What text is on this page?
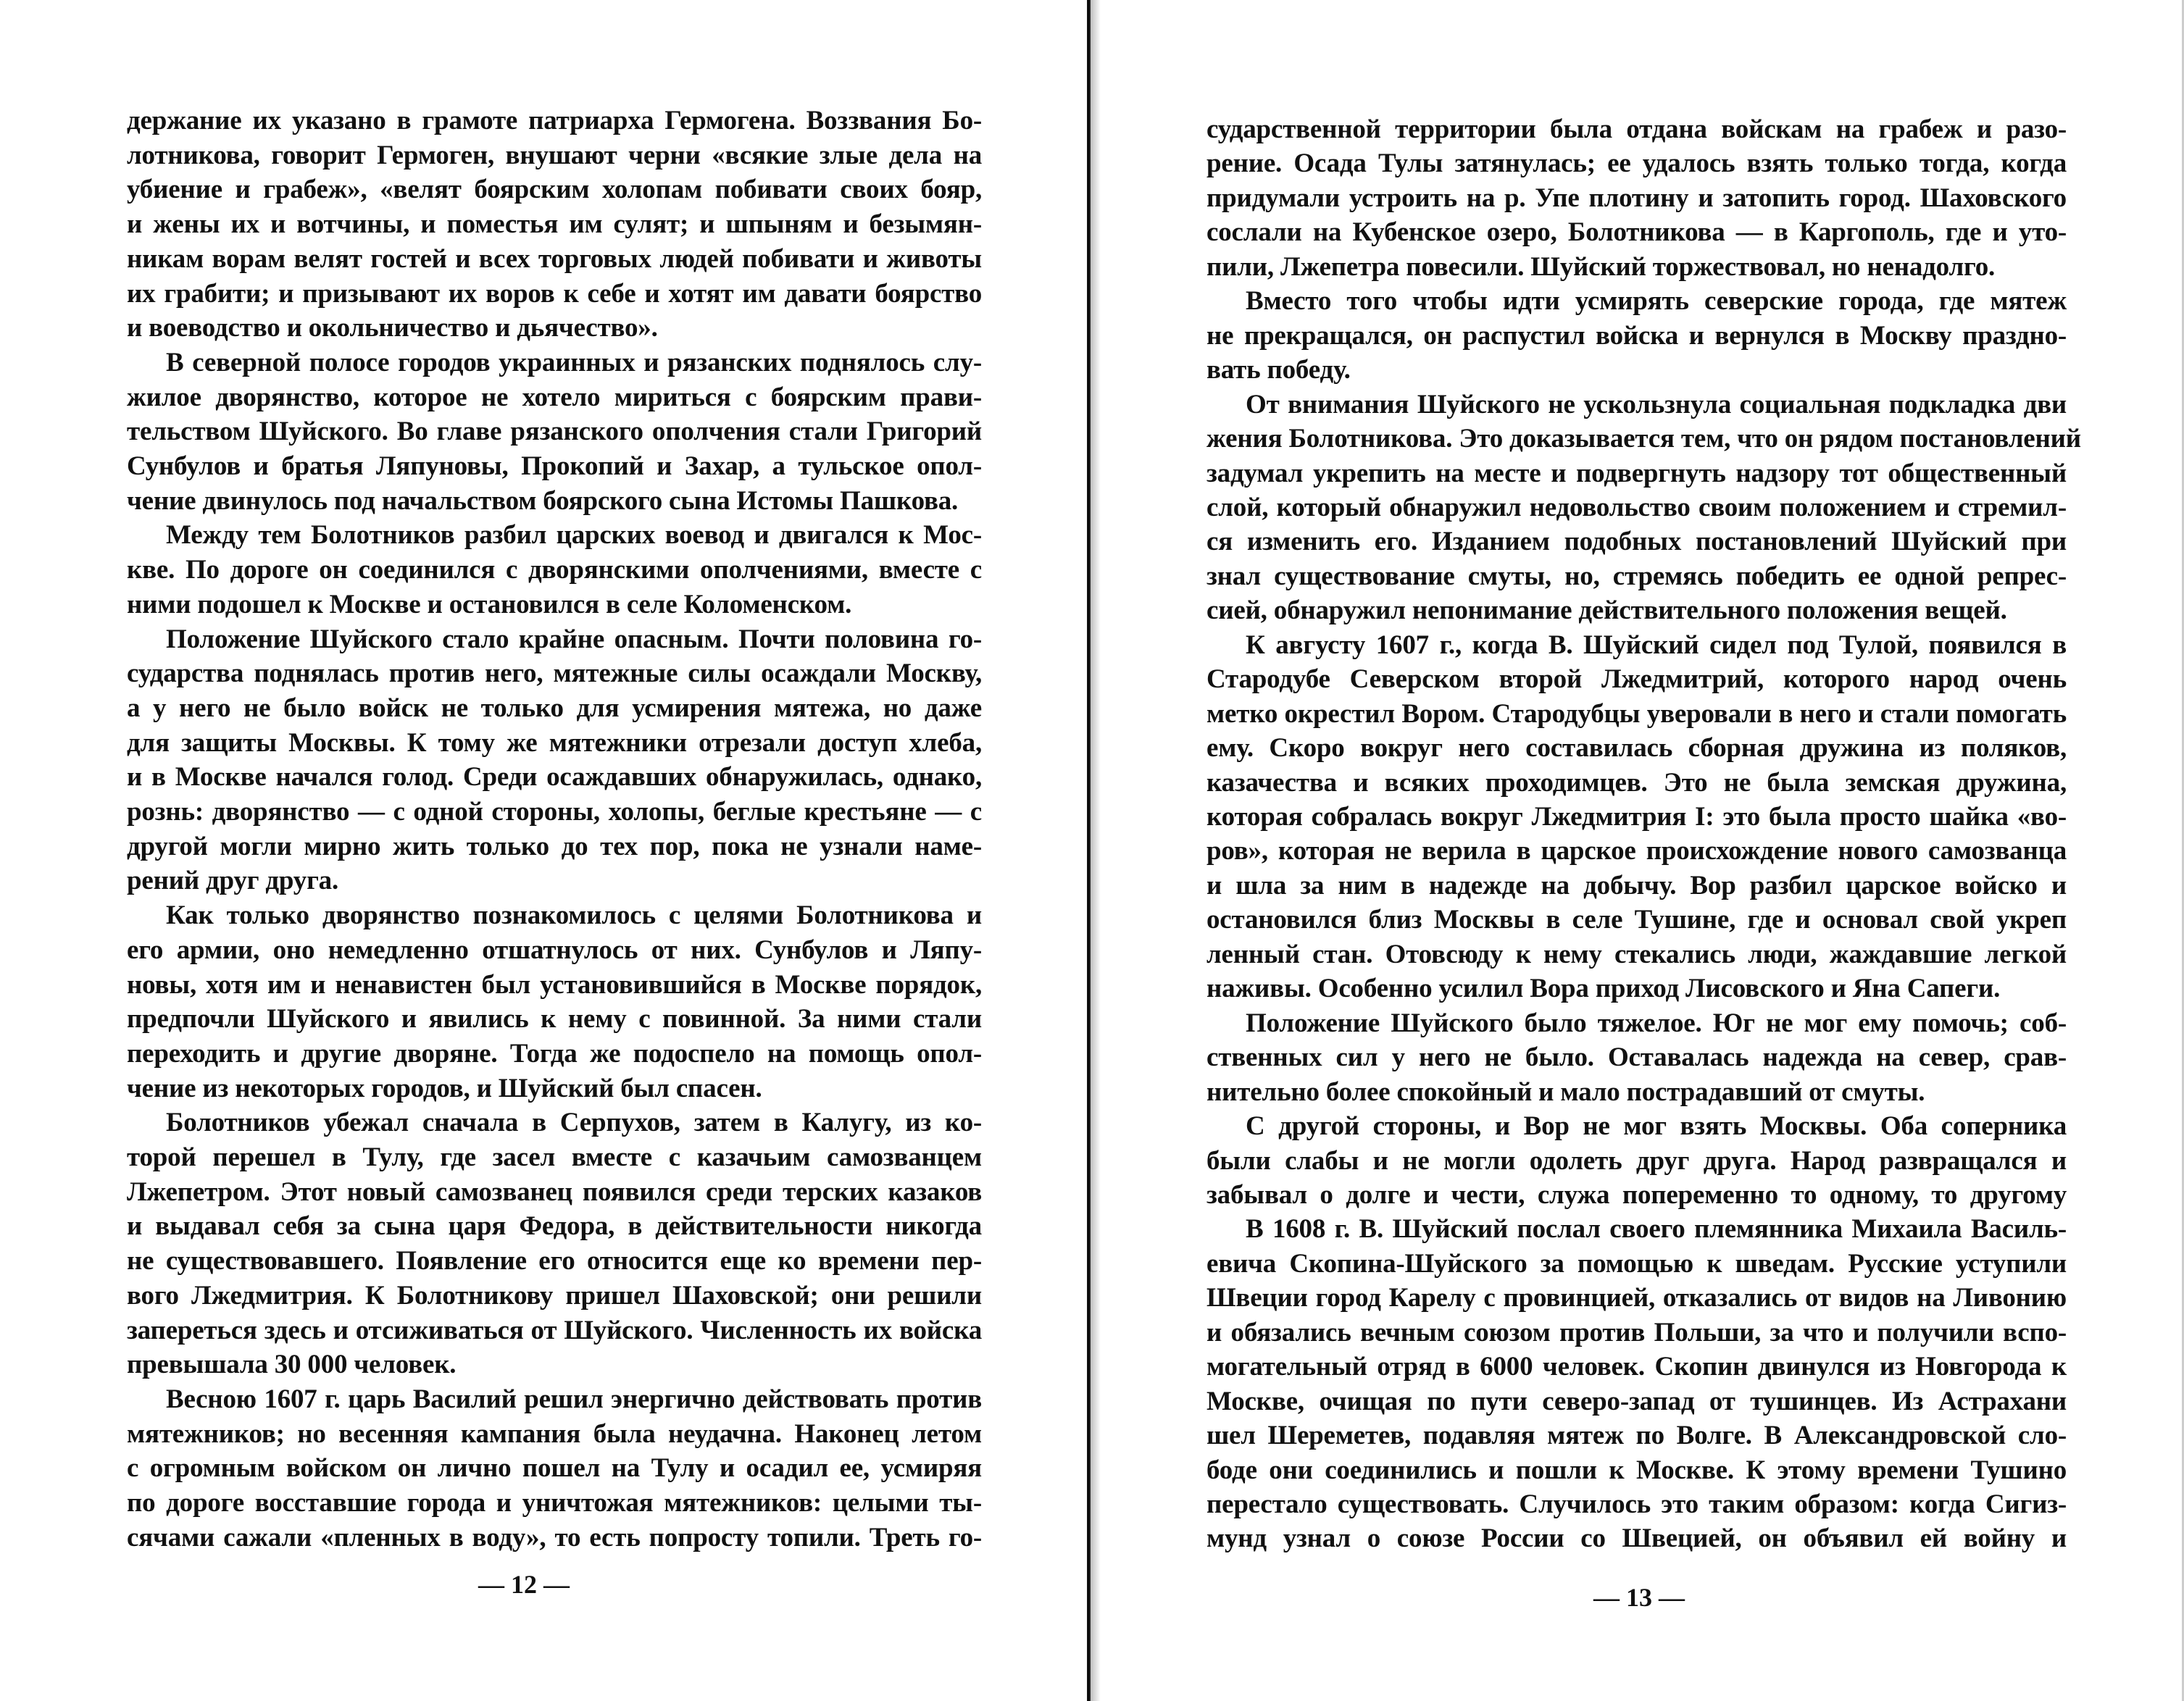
держание их указано в грамоте патриарха Гермогена. Воззвания Бо-
лотникова, говорит Гермоген, внушают черни «всякие злые дела на
убиение и грабеж», «велят боярским холопам побивати своих бояр,
и жены их и вотчины, и поместья им сулят; и шпыням и безымян-
никам ворам велят гостей и всех торговых людей побивати и животы
их грабити; и призывают их воров к себе и хотят им давати боярство
и воеводство и окольничество и дьячество».
В северной полосе городов украинных и рязанских поднялось слу-
жилое дворянство, которое не хотело мириться с боярским прави-
тельством Шуйского. Во главе рязанского ополчения стали Григорий
Сунбулов и братья Ляпуновы, Прокопий и Захар, а тульское опол-
чение двинулось под начальством боярского сына Истомы Пашкова.
Между тем Болотников разбил царских воевод и двигался к Мос-
кве. По дороге он соединился с дворянскими ополчениями, вместе с
ними подошел к Москве и остановился в селе Коломенском.
Положение Шуйского стало крайне опасным. Почти половина го-
сударства поднялась против него, мятежные силы осаждали Москву,
а у него не было войск не только для усмирения мятежа, но даже
для защиты Москвы. К тому же мятежники отрезали доступ хлеба,
и в Москве начался голод. Среди осаждавших обнаружилась, однако,
рознь: дворянство — с одной стороны, холопы, беглые крестьяне — с
другой могли мирно жить только до тех пор, пока не узнали наме-
рений друг друга.
Как только дворянство познакомилось с целями Болотникова и
его армии, оно немедленно отшатнулось от них. Сунбулов и Ляпу-
новы, хотя им и ненавистен был установившийся в Москве порядок,
предпочли Шуйского и явились к нему с повинной. За ними стали
переходить и другие дворяне. Тогда же подоспело на помощь опол-
чение из некоторых городов, и Шуйский был спасен.
Болотников убежал сначала в Серпухов, затем в Калугу, из ко-
торой перешел в Тулу, где засел вместе с казачьим самозванцем
Лжепетром. Этот новый самозванец появился среди терских казаков
и выдавал себя за сына царя Федора, в действительности никогда
не существовавшего. Появление его относится еще ко времени пер-
вого Лжедмитрия. К Болотникову пришел Шаховской; они решили
запереться здесь и отсиживаться от Шуйского. Численность их войска
превышала 30 000 человек.
Весною 1607 г. царь Василий решил энергично действовать против
мятежников; но весенняя кампания была неудачна. Наконец летом
с огромным войском он лично пошел на Тулу и осадил ее, усмиряя
по дороге восставшие города и уничтожая мятежников: целыми ты-
сячами сажали «пленных в воду», то есть попросту топили. Треть го-
— 12 —
сударственной территории была отдана войскам на грабеж и разо-
рение. Осада Тулы затянулась; ее удалось взять только тогда, когда
придумали устроить на р. Упе плотину и затопить город. Шаховского
сослали на Кубенское озеро, Болотникова — в Каргополь, где и уто-
пили, Лжепетра повесили. Шуйский торжествовал, но ненадолго.
Вместо того чтобы идти усмирять северские города, где мятеж
не прекращался, он распустил войска и вернулся в Москву праздно-
вать победу.
От внимания Шуйского не ускользнула социальная подкладка дви
жения Болотникова. Это доказывается тем, что он рядом постановлений
задумал укрепить на месте и подвергнуть надзору тот общественный
слой, который обнаружил недовольство своим положением и стремил-
ся изменить его. Изданием подобных постановлений Шуйский при
знал существование смуты, но, стремясь победить ее одной репрес-
сией, обнаружил непонимание действительного положения вещей.
К августу 1607 г., когда В. Шуйский сидел под Тулой, появился в
Стародубе Северском второй Лжедмитрий, которого народ очень
метко окрестил Вором. Стародубцы уверовали в него и стали помогать
ему. Скоро вокруг него составилась сборная дружина из поляков,
казачества и всяких проходимцев. Это не была земская дружина,
которая собралась вокруг Лжедмитрия I: это была просто шайка «во-
ров», которая не верила в царское происхождение нового самозванца
и шла за ним в надежде на добычу. Вор разбил царское войско и
остановился близ Москвы в селе Тушине, где и основал свой укреп
ленный стан. Отовсюду к нему стекались люди, жаждавшие легкой
наживы. Особенно усилил Вора приход Лисовского и Яна Сапеги.
Положение Шуйского было тяжелое. Юг не мог ему помочь; соб-
ственных сил у него не было. Оставалась надежда на север, срав-
нительно более спокойный и мало пострадавший от смуты.
С другой стороны, и Вор не мог взять Москвы. Оба соперника
были слабы и не могли одолеть друг друга. Народ развращался и
забывал о долге и чести, служа попеременно то одному, то другому
В 1608 г. В. Шуйский послал своего племянника Михаила Василь-
евича Скопина-Шуйского за помощью к шведам. Русские уступили
Швеции город Карелу с провинцией, отказались от видов на Ливонию
и обязались вечным союзом против Польши, за что и получили вспо-
могательный отряд в 6000 человек. Скопин двинулся из Новгорода к
Москве, очищая по пути северо-запад от тушинцев. Из Астрахани
шел Шереметев, подавляя мятеж по Волге. В Александровской сло-
боде они соединились и пошли к Москве. К этому времени Тушино
перестало существовать. Случилось это таким образом: когда Сигиз-
мунд узнал о союзе России со Швецией, он объявил ей войну и
— 13 —
